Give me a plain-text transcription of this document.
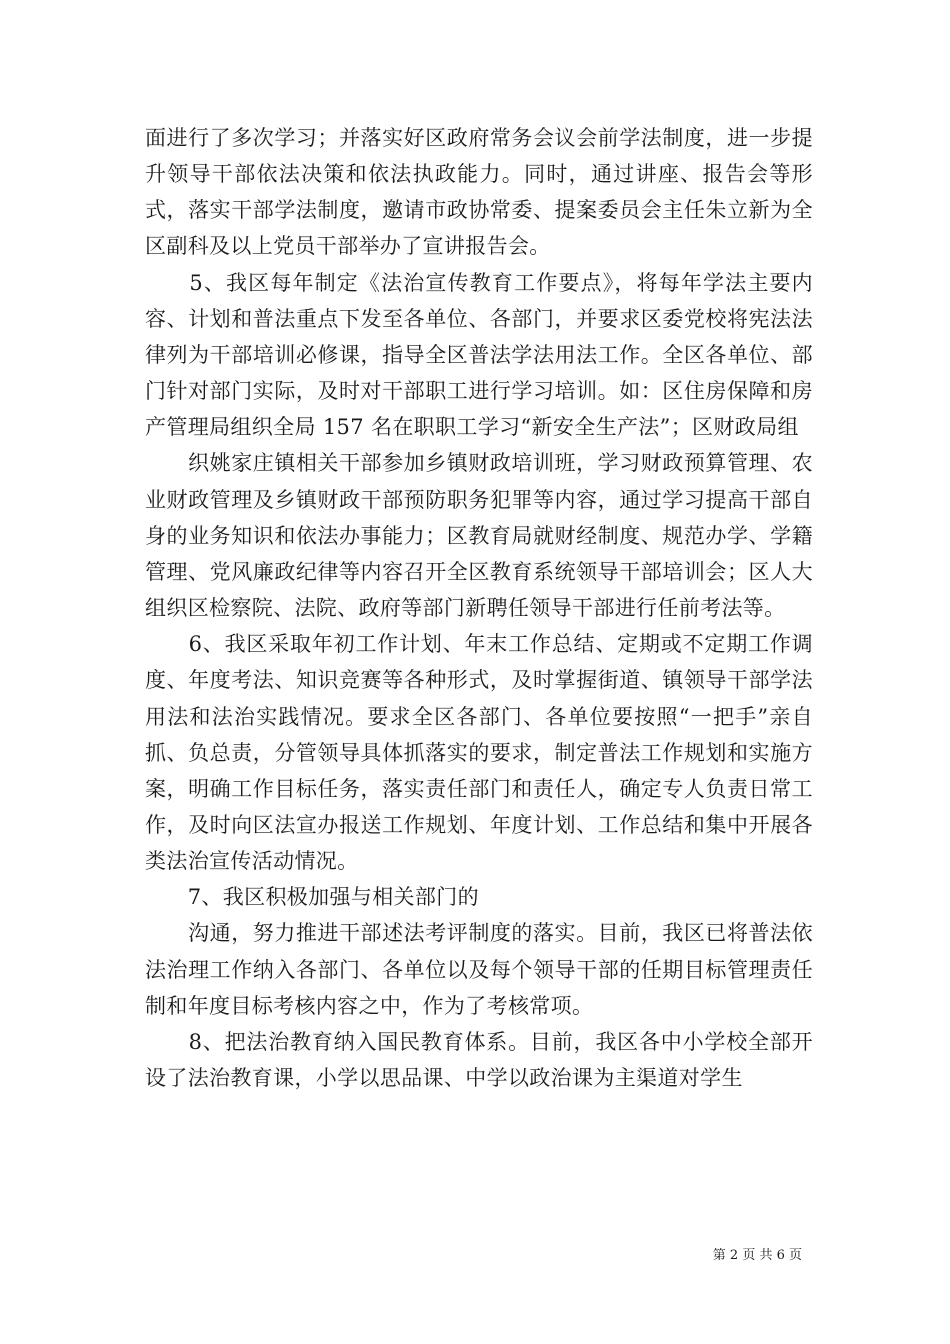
面进行了多次学习；并落实好区政府常务会议会前学法制度，进一步提升领导干部依法决策和依法执政能力。同时，通过讲座、报告会等形式，落实干部学法制度，邀请市政协常委、提案委员会主任朱立新为全区副科及以上党员干部举办了宣讲报告会。

　　5、我区每年制定《法治宣传教育工作要点》，将每年学法主要内容、计划和普法重点下发至各单位、各部门，并要求区委党校将宪法法律列为干部培训必修课，指导全区普法学法用法工作。全区各单位、部门针对部门实际，及时对干部职工进行学习培训。如：区住房保障和房产管理局组织全局 157 名在职职工学习“新安全生产法”；区财政局组

　　织姚家庄镇相关干部参加乡镇财政培训班，学习财政预算管理、农业财政管理及乡镇财政干部预防职务犯罪等内容，通过学习提高干部自身的业务知识和依法办事能力；区教育局就财经制度、规范办学、学籍管理、党风廉政纪律等内容召开全区教育系统领导干部培训会；区人大组织区检察院、法院、政府等部门新聘任领导干部进行任前考法等。

　　6、我区采取年初工作计划、年末工作总结、定期或不定期工作调度、年度考法、知识竞赛等各种形式，及时掌握街道、镇领导干部学法用法和法治实践情况。要求全区各部门、各单位要按照“一把手”亲自抓、负总责，分管领导具体抓落实的要求，制定普法工作规划和实施方案，明确工作目标任务，落实责任部门和责任人，确定专人负责日常工作，及时向区法宣办报送工作规划、年度计划、工作总结和集中开展各类法治宣传活动情况。

　　7、我区积极加强与相关部门的

　　沟通，努力推进干部述法考评制度的落实。目前，我区已将普法依法治理工作纳入各部门、各单位以及每个领导干部的任期目标管理责任制和年度目标考核内容之中，作为了考核常项。

　　8、把法治教育纳入国民教育体系。目前，我区各中小学校全部开设了法治教育课，小学以思品课、中学以政治课为主渠道对学生

第 2 页 共 6 页
